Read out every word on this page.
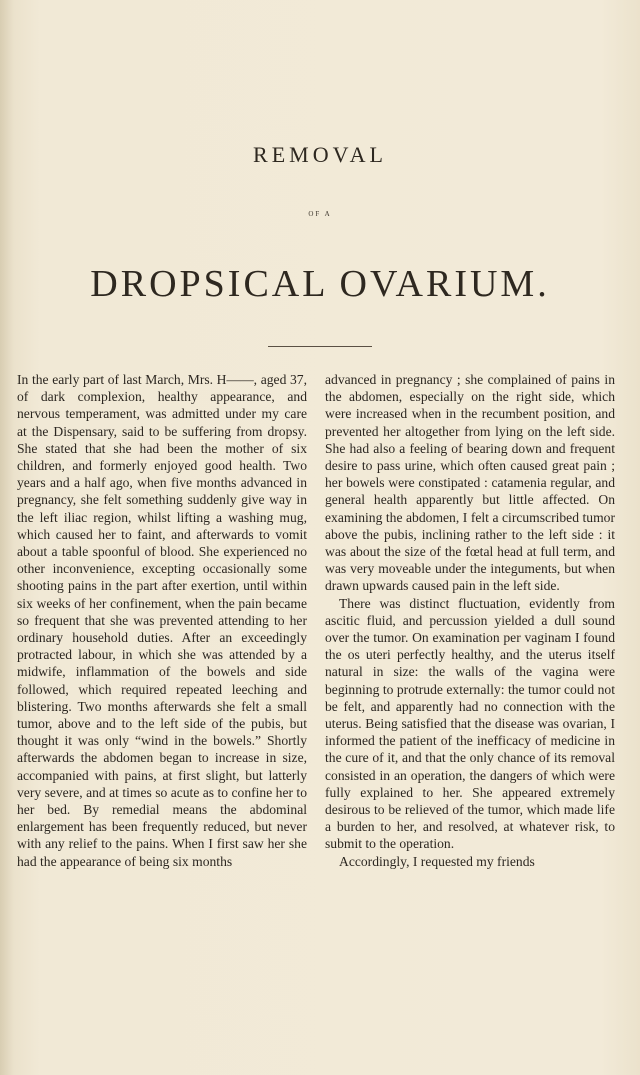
REMOVAL
OF A
DROPSICAL OVARIUM.

In the early part of last March, Mrs. H——, aged 37, of dark complexion, healthy appearance, and nervous temperament, was admitted under my care at the Dispensary, said to be suffering from dropsy. She stated that she had been the mother of six children, and formerly enjoyed good health. Two years and a half ago, when five months advanced in pregnancy, she felt something suddenly give way in the left iliac region, whilst lifting a washing mug, which caused her to faint, and afterwards to vomit about a table spoonful of blood. She experienced no other inconvenience, excepting occasionally some shooting pains in the part after exertion, until within six weeks of her confinement, when the pain became so frequent that she was prevented attending to her ordinary household duties. After an exceedingly protracted labour, in which she was attended by a midwife, inflammation of the bowels and side followed, which required repeated leeching and blistering. Two months afterwards she felt a small tumor, above and to the left side of the pubis, but thought it was only “wind in the bowels.” Shortly afterwards the abdomen began to increase in size, accompanied with pains, at first slight, but latterly very severe, and at times so acute as to confine her to her bed. By remedial means the abdominal enlargement has been frequently reduced, but never with any relief to the pains. When I first saw her she had the appearance of being six months

advanced in pregnancy ; she complained of pains in the abdomen, especially on the right side, which were increased when in the recumbent position, and prevented her altogether from lying on the left side. She had also a feeling of bearing down and frequent desire to pass urine, which often caused great pain ; her bowels were constipated : catamenia regular, and general health apparently but little affected. On examining the abdomen, I felt a circumscribed tumor above the pubis, inclining rather to the left side : it was about the size of the fœtal head at full term, and was very moveable under the integuments, but when drawn upwards caused pain in the left side.

There was distinct fluctuation, evidently from ascitic fluid, and percussion yielded a dull sound over the tumor. On examination per vaginam I found the os uteri perfectly healthy, and the uterus itself natural in size: the walls of the vagina were beginning to protrude externally: the tumor could not be felt, and apparently had no connection with the uterus. Being satisfied that the disease was ovarian, I informed the patient of the inefficacy of medicine in the cure of it, and that the only chance of its removal consisted in an operation, the dangers of which were fully explained to her. She appeared extremely desirous to be relieved of the tumor, which made life a burden to her, and resolved, at whatever risk, to submit to the operation.

Accordingly, I requested my friends
